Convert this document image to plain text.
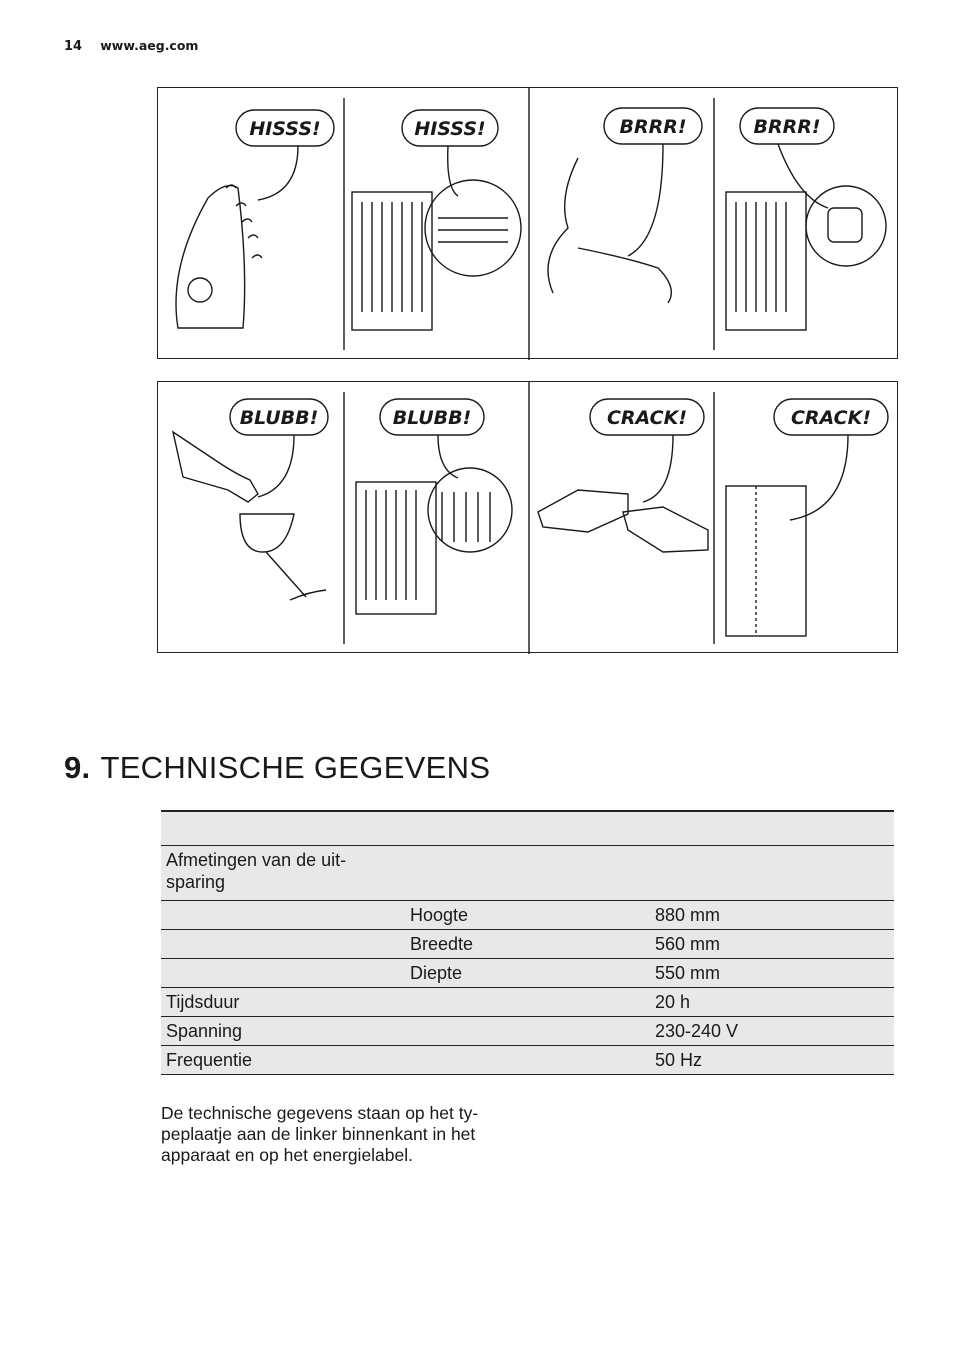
14 www.aeg.com
HISSS!	HISSS!	BRRR!	BRRR!
BLUBB!	BLUBB!	CRACK!	CRACK!
9. TECHNISCHE GEGEVENS

Afmetingen van de uit-sparing		
	Hoogte	880 mm
	Breedte	560 mm
	Diepte	550 mm
Tijdsduur		20 h
Spanning		230-240 V
Frequentie		50 Hz
De technische gegevens staan op het ty-peplaatje aan de linker binnenkant in het apparaat en op het energielabel.
